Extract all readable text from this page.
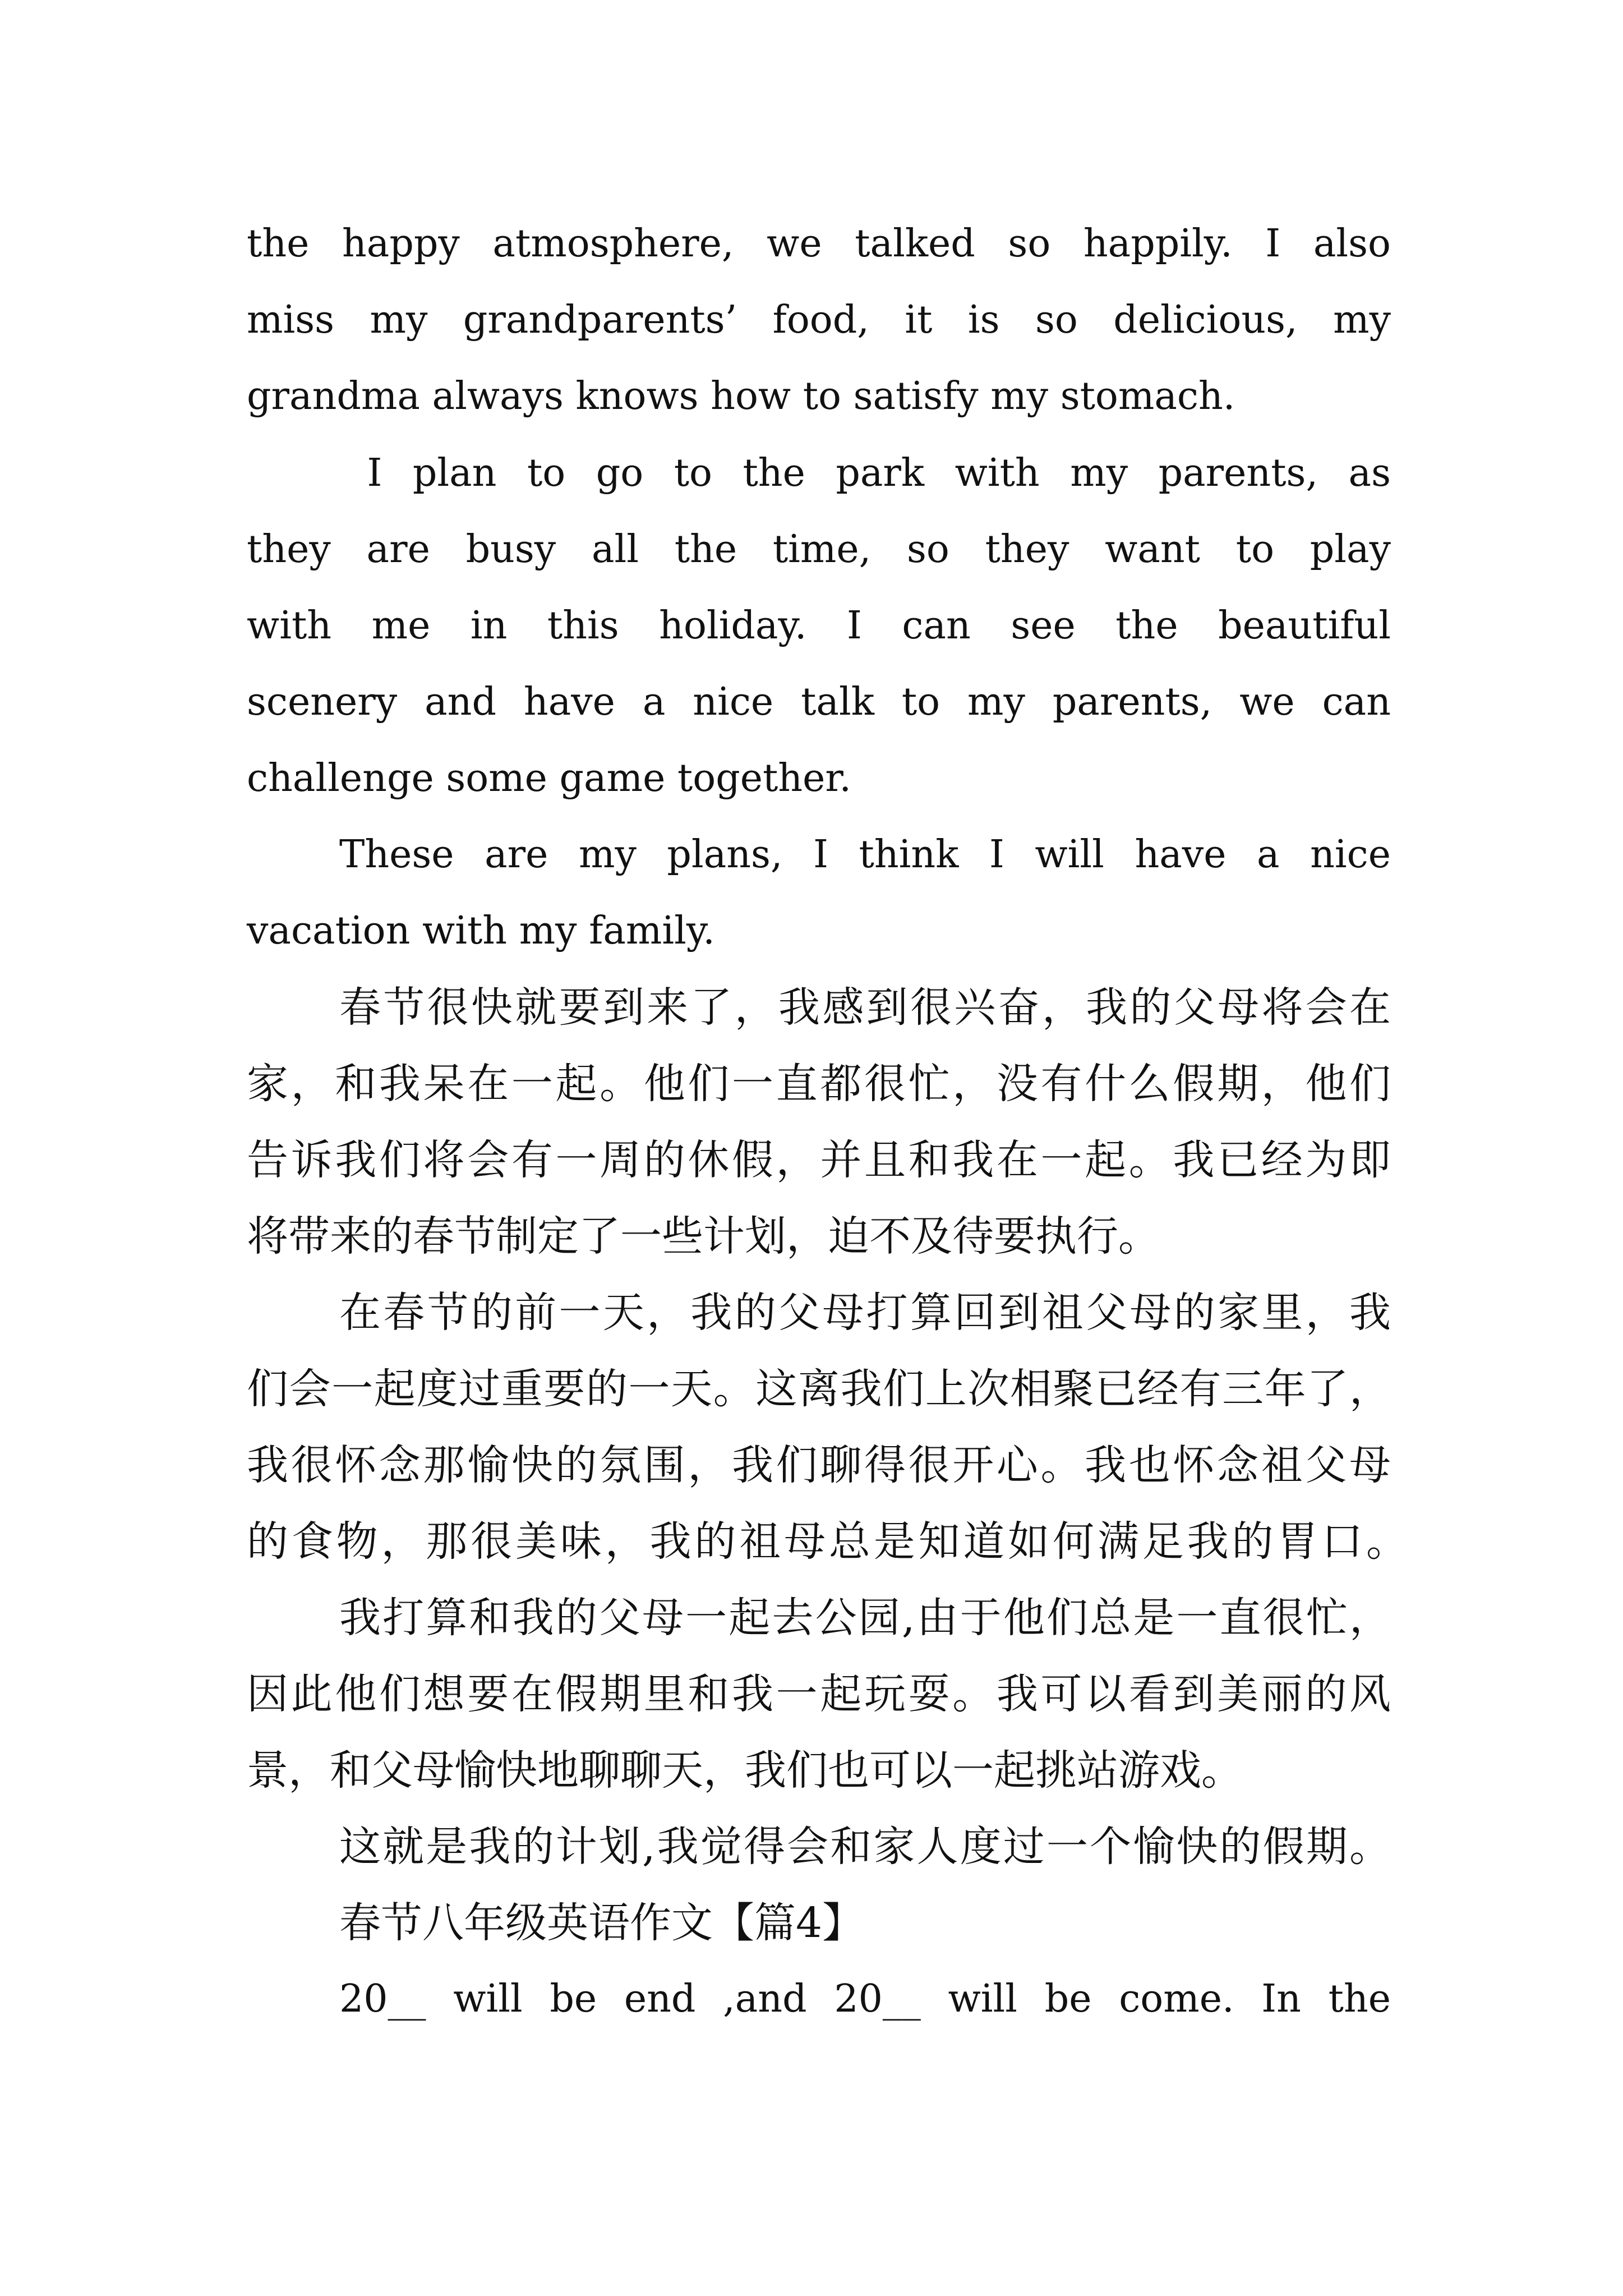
the happy atmosphere, we talked so happily. I also

miss my grandparents’ food, it is so delicious, my

grandma always knows how to satisfy my stomach.

I plan to go to the park with my parents, as

they are busy all the time, so they want to play

with me in this holiday. I can see the beautiful

scenery and have a nice talk to my parents, we can

challenge some game together.

These are my plans, I think I will have a nice

vacation with my family.

春节很快就要到来了，我感到很兴奋，我的父母将会在

家，和我呆在一起。他们一直都很忙，没有什么假期，他们

告诉我们将会有一周的休假，并且和我在一起。我已经为即

将带来的春节制定了一些计划，迫不及待要执行。

在春节的前一天，我的父母打算回到祖父母的家里，我

们会一起度过重要的一天。这离我们上次相聚已经有三年了，

我很怀念那愉快的氛围，我们聊得很开心。我也怀念祖父母

的食物，那很美味，我的祖母总是知道如何满足我的胃口。

我打算和我的父母一起去公园,由于他们总是一直很忙，

因此他们想要在假期里和我一起玩耍。我可以看到美丽的风

景，和父母愉快地聊聊天，我们也可以一起挑站游戏。

这就是我的计划,我觉得会和家人度过一个愉快的假期。

春节八年级英语作文【篇4】

20__ will be end ,and 20__ will be come. In the
